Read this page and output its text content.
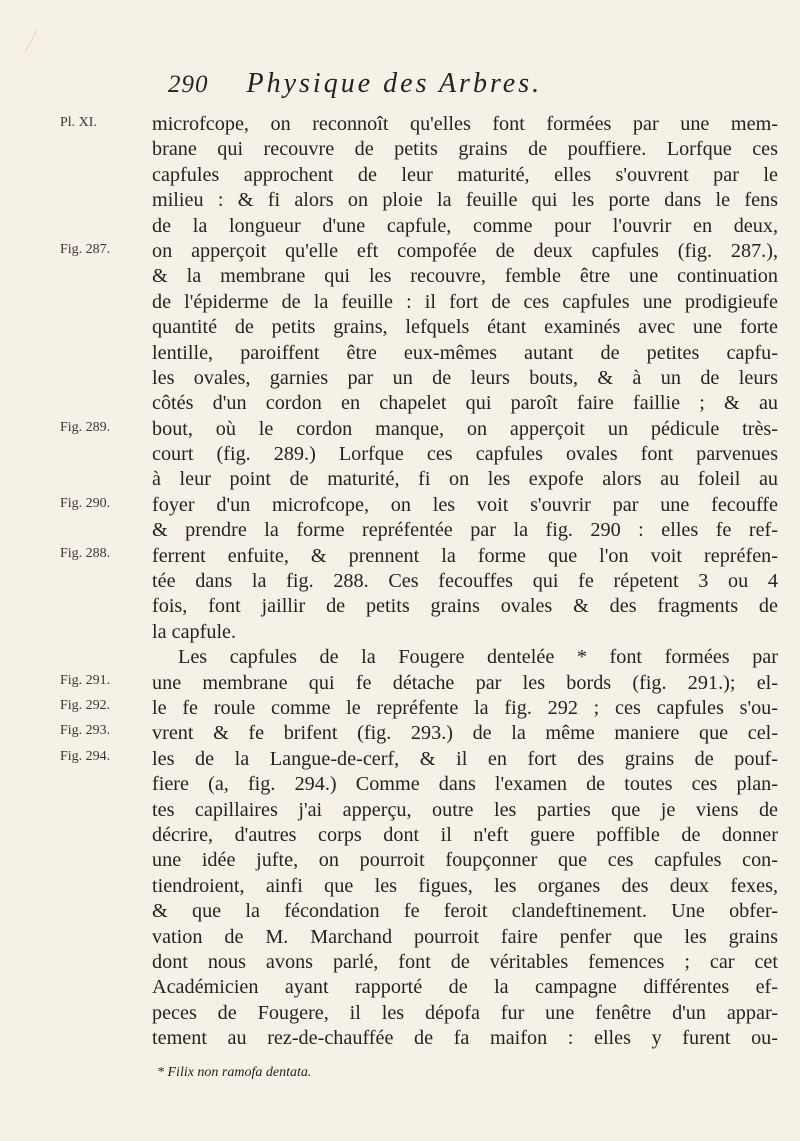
290 Physique des Arbres.
Pl. XI.
Fig. 287.
Fig. 289.
Fig. 290.
Fig. 288.
Fig. 291.
Fig. 292.
Fig. 293.
Fig. 294.
microfcope, on reconnoît qu'elles font formées par une mem-
brane qui recouvre de petits grains de pouffiere. Lorfque ces
capfules approchent de leur maturité, elles s'ouvrent par le
milieu : & fi alors on ploie la feuille qui les porte dans le fens
de la longueur d'une capfule, comme pour l'ouvrir en deux,
on apperçoit qu'elle eft compofée de deux capfules (fig. 287.),
& la membrane qui les recouvre, femble être une continuation
de l'épiderme de la feuille : il fort de ces capfules une prodigieufe
quantité de petits grains, lefquels étant examinés avec une forte
lentille, paroiffent être eux-mêmes autant de petites capfu-
les ovales, garnies par un de leurs bouts, & à un de leurs
côtés d'un cordon en chapelet qui paroît faire faillie ; & au
bout, où le cordon manque, on apperçoit un pédicule très-
court (fig. 289.) Lorfque ces capfules ovales font parvenues
à leur point de maturité, fi on les expofe alors au foleil au
foyer d'un microfcope, on les voit s'ouvrir par une fecouffe
& prendre la forme repréfentée par la fig. 290 : elles fe ref-
ferrent enfuite, & prennent la forme que l'on voit repréfen-
tée dans la fig. 288. Ces fecouffes qui fe répetent 3 ou 4
fois, font jaillir de petits grains ovales & des fragments de
la capfule.
Les capfules de la Fougere dentelée * font formées par
une membrane qui fe détache par les bords (fig. 291.); el-
le fe roule comme le repréfente la fig. 292 ; ces capfules s'ou-
vrent & fe brifent (fig. 293.) de la même maniere que cel-
les de la Langue-de-cerf, & il en fort des grains de pouf-
fiere (a, fig. 294.) Comme dans l'examen de toutes ces plan-
tes capillaires j'ai apperçu, outre les parties que je viens de
décrire, d'autres corps dont il n'eft guere poffible de donner
une idée jufte, on pourroit foupçonner que ces capfules con-
tiendroient, ainfi que les figues, les organes des deux fexes,
& que la fécondation fe feroit clandeftinement. Une obfer-
vation de M. Marchand pourroit faire penfer que les grains
dont nous avons parlé, font de véritables femences ; car cet
Académicien ayant rapporté de la campagne différentes ef-
peces de Fougere, il les dépofa fur une fenêtre d'un appar-
tement au rez-de-chauffée de fa maifon : elles y furent ou-
* Filix non ramofa dentata.
